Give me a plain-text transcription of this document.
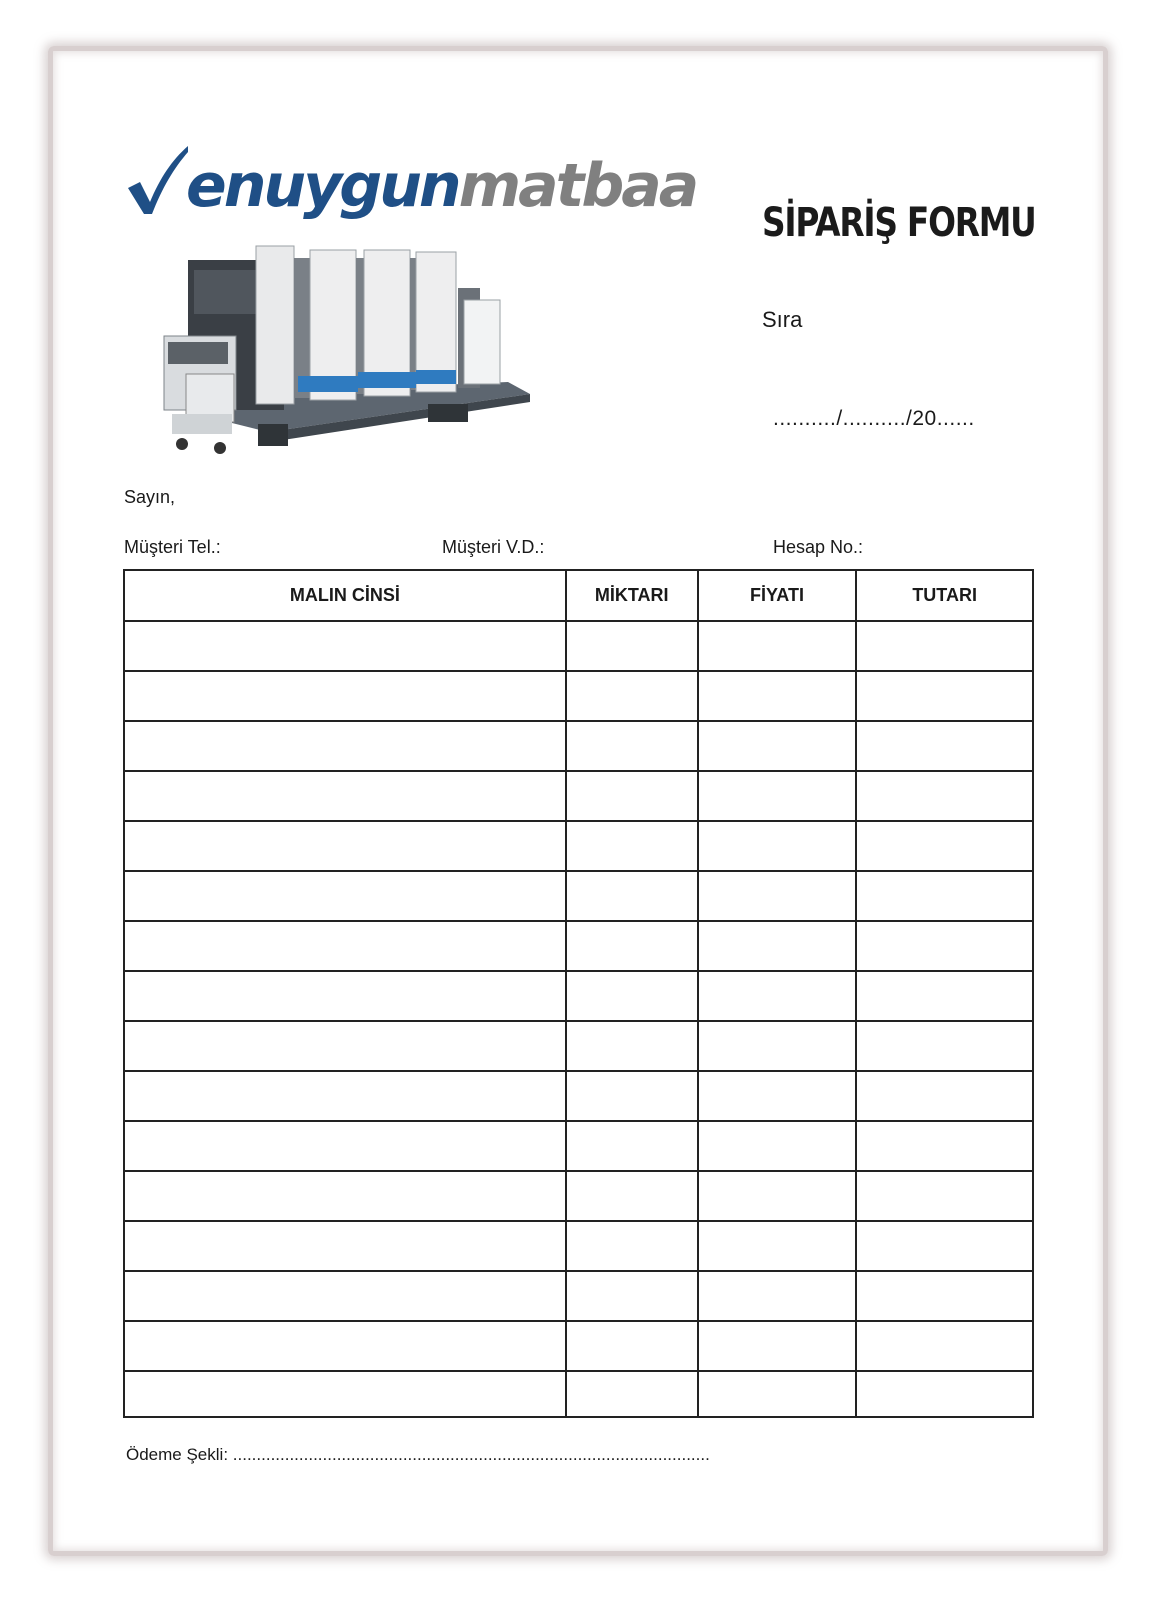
enuygunmatbaa
SİPARİŞ FORMU
Sıra
........../........../20......
Sayın,
Müşteri Tel.:	Müşteri V.D.:	Hesap No.:
MALIN CİNSİ	MİKTARI	FİYATI	TUTARI

Ödeme Şekli: .....................................................................................................
